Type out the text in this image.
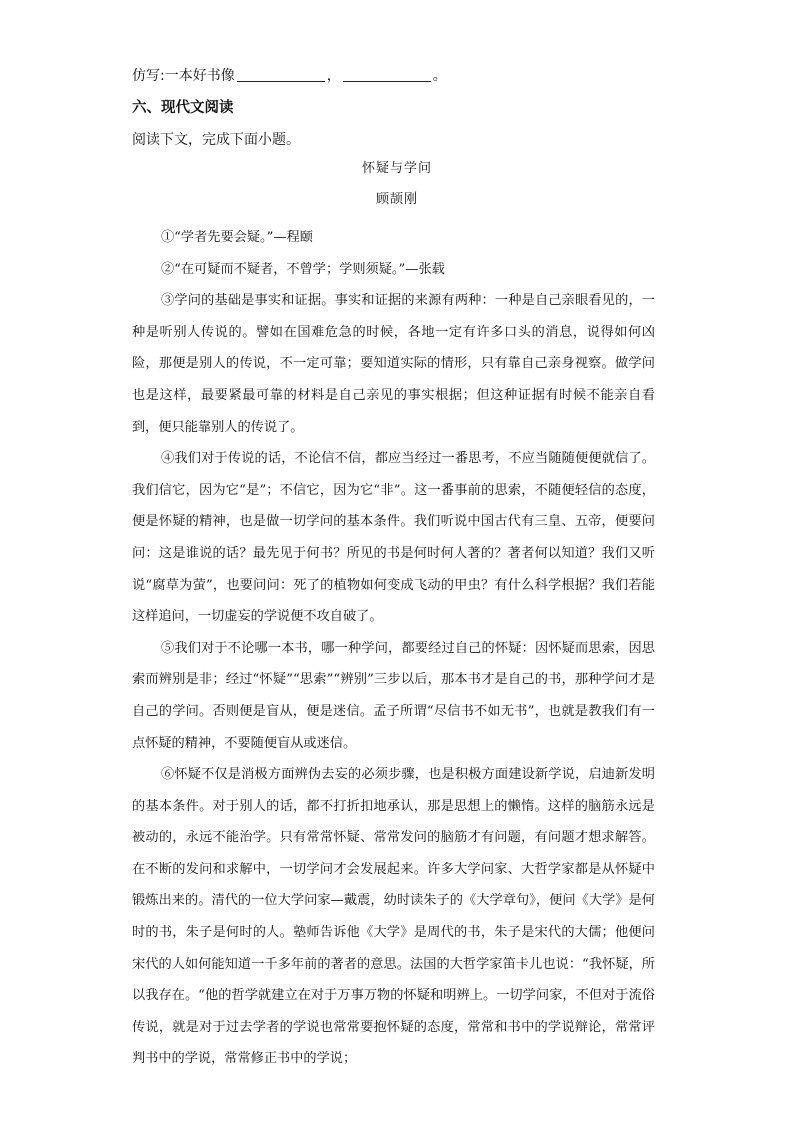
仿写:一本好书像	，	。
六、现代文阅读
阅读下文，完成下面小题。
怀疑与学问
顾颉刚

①“学者先要会疑。”—程颐

②“在可疑而不疑者，不曾学；学则须疑。”—张载

③学问的基础是事实和证据。事实和证据的来源有两种：一种是自己亲眼看见的，一种是听别人传说的。譬如在国难危急的时候，各地一定有许多口头的消息，说得如何凶险，那便是别人的传说，不一定可靠；要知道实际的情形，只有靠自己亲身视察。做学问也是这样，最要紧最可靠的材料是自己亲见的事实根据；但这种证据有时候不能亲自看到，便只能靠别人的传说了。

④我们对于传说的话，不论信不信，都应当经过一番思考，不应当随随便便就信了。我们信它，因为它“是”；不信它，因为它“非”。这一番事前的思索，不随便轻信的态度，便是怀疑的精神，也是做一切学问的基本条件。我们听说中国古代有三皇、五帝，便要问问：这是谁说的话？最先见于何书？所见的书是何时何人著的？著者何以知道？我们又听说“腐草为萤”，也要问问：死了的植物如何变成飞动的甲虫？有什么科学根据？我们若能这样追问，一切虚妄的学说便不攻自破了。

⑤我们对于不论哪一本书，哪一种学问，都要经过自己的怀疑：因怀疑而思索，因思索而辨别是非；经过“怀疑”“思索”“辨别”三步以后，那本书才是自己的书，那种学问才是自己的学问。否则便是盲从，便是迷信。孟子所谓“尽信书不如无书”，也就是教我们有一点怀疑的精神，不要随便盲从或迷信。

⑥怀疑不仅是消极方面辨伪去妄的必须步骤，也是积极方面建设新学说，启迪新发明的基本条件。对于别人的话，都不打折扣地承认，那是思想上的懒惰。这样的脑筋永远是被动的，永远不能治学。只有常常怀疑、常常发问的脑筋才有问题，有问题才想求解答。在不断的发问和求解中，一切学问才会发展起来。许多大学问家、大哲学家都是从怀疑中锻炼出来的。清代的一位大学问家—戴震，幼时读朱子的《大学章句》，便问《大学》是何时的书，朱子是何时的人。塾师告诉他《大学》是周代的书，朱子是宋代的大儒；他便问宋代的人如何能知道一千多年前的著者的意思。法国的大哲学家笛卡儿也说：“我怀疑，所以我存在。“他的哲学就建立在对于万事万物的怀疑和明辨上。一切学问家，不但对于流俗传说，就是对于过去学者的学说也常常要抱怀疑的态度，常常和书中的学说辩论，常常评判书中的学说，常常修正书中的学说；
